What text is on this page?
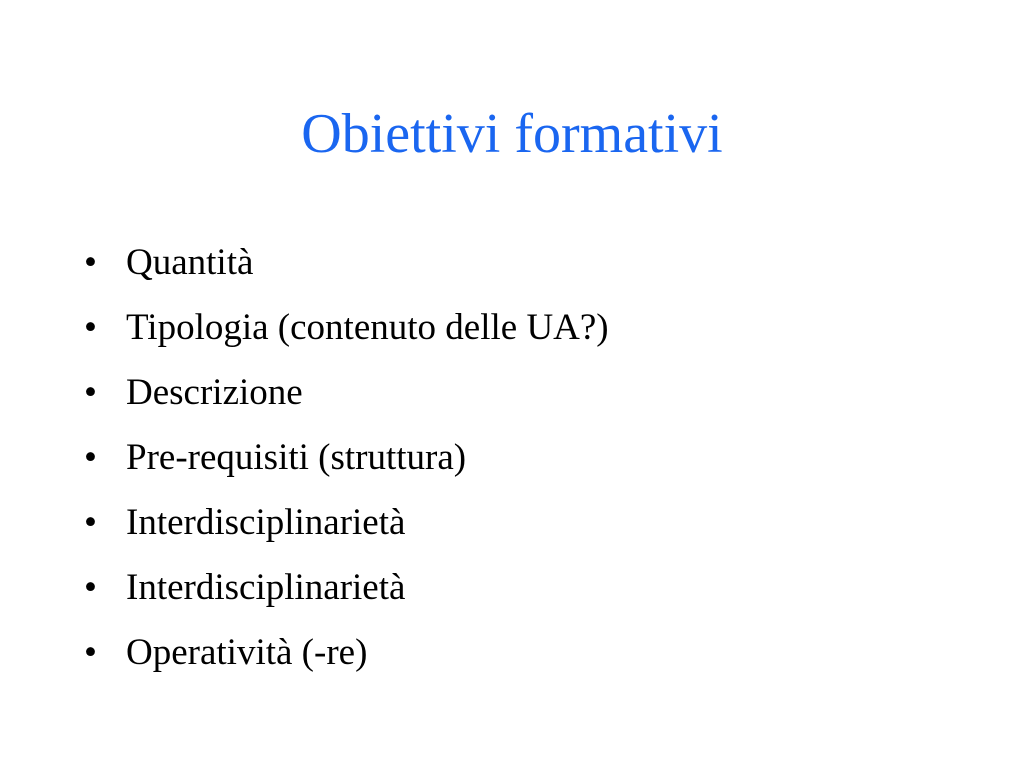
Obiettivi formativi
• Quantità
• Tipologia (contenuto delle UA?)
• Descrizione
• Pre-requisiti (struttura)
• Interdisciplinarietà
• Interdisciplinarietà
• Operatività (-re)
